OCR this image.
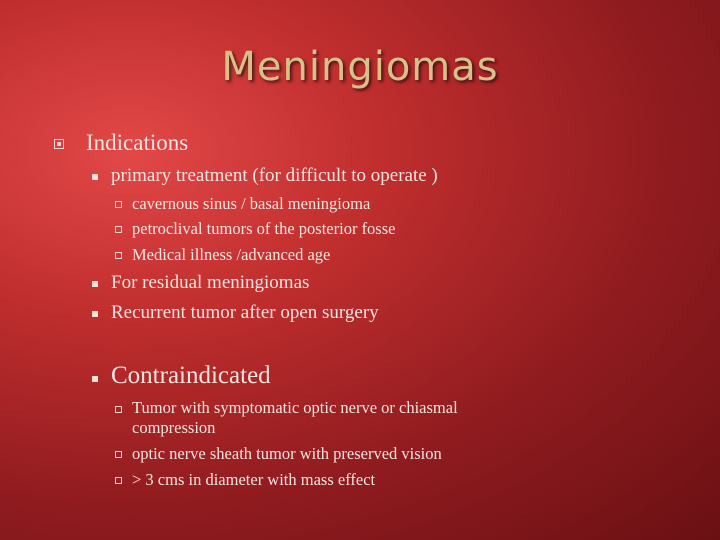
Meningiomas
Indications
primary treatment (for difficult to operate )
cavernous sinus / basal meningioma
petroclival tumors of the posterior fosse
Medical illness /advanced age
For residual meningiomas
Recurrent tumor after open surgery
Contraindicated
Tumor with symptomatic optic nerve or chiasmal
compression
optic nerve sheath tumor with preserved vision
> 3 cms in diameter with mass effect
